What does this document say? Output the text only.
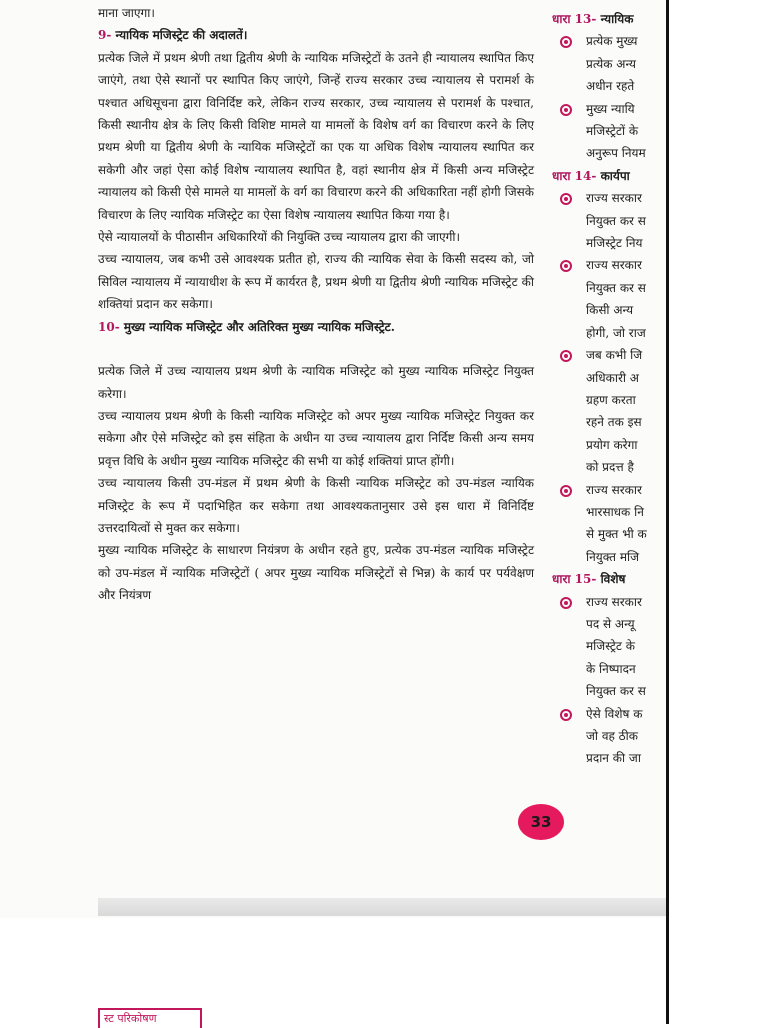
माना जाएगा।

9- न्यायिक मजिस्ट्रेट की अदालतें।

प्रत्येक जिले में प्रथम श्रेणी तथा द्वितीय श्रेणी के न्यायिक मजिस्ट्रेटों के उतने ही न्यायालय स्थापित किए जाएंगे, तथा ऐसे स्थानों पर स्थापित किए जाएंगे, जिन्हें राज्य सरकार उच्च न्यायालय से परामर्श के पश्चात अधिसूचना द्वारा विनिर्दिष्ट करे, लेकिन राज्य सरकार, उच्च न्यायालय से परामर्श के पश्चात, किसी स्थानीय क्षेत्र के लिए किसी विशिष्ट मामले या मामलों के विशेष वर्ग का विचारण करने के लिए प्रथम श्रेणी या द्वितीय श्रेणी के न्यायिक मजिस्ट्रेटों का एक या अधिक विशेष न्यायालय स्थापित कर सकेगी और जहां ऐसा कोई विशेष न्यायालय स्थापित है, वहां स्थानीय क्षेत्र में किसी अन्य मजिस्ट्रेट न्यायालय को किसी ऐसे मामले या मामलों के वर्ग का विचारण करने की अधिकारिता नहीं होगी जिसके विचारण के लिए न्यायिक मजिस्ट्रेट का ऐसा विशेष न्यायालय स्थापित किया गया है।

ऐसे न्यायालयों के पीठासीन अधिकारियों की नियुक्ति उच्च न्यायालय द्वारा की जाएगी।

उच्च न्यायालय, जब कभी उसे आवश्यक प्रतीत हो, राज्य की न्यायिक सेवा के किसी सदस्य को, जो सिविल न्यायालय में न्यायाधीश के रूप में कार्यरत है, प्रथम श्रेणी या द्वितीय श्रेणी न्यायिक मजिस्ट्रेट की शक्तियां प्रदान कर सकेगा।

10- मुख्य न्यायिक मजिस्ट्रेट और अतिरिक्त मुख्य न्यायिक मजिस्ट्रेट.

प्रत्येक जिले में उच्च न्यायालय प्रथम श्रेणी के न्यायिक मजिस्ट्रेट को मुख्य न्यायिक मजिस्ट्रेट नियुक्त करेगा।

उच्च न्यायालय प्रथम श्रेणी के किसी न्यायिक मजिस्ट्रेट को अपर मुख्य न्यायिक मजिस्ट्रेट नियुक्त कर सकेगा और ऐसे मजिस्ट्रेट को इस संहिता के अधीन या उच्च न्यायालय द्वारा निर्दिष्ट किसी अन्य समय प्रवृत्त विधि के अधीन मुख्य न्यायिक मजिस्ट्रेट की सभी या कोई शक्तियां प्राप्त होंगी।

उच्च न्यायालय किसी उप-मंडल में प्रथम श्रेणी के किसी न्यायिक मजिस्ट्रेट को उप-मंडल न्यायिक मजिस्ट्रेट के रूप में पदाभिहित कर सकेगा तथा आवश्यकतानुसार उसे इस धारा में विनिर्दिष्ट उत्तरदायित्वों से मुक्त कर सकेगा।

मुख्य न्यायिक मजिस्ट्रेट के साधारण नियंत्रण के अधीन रहते हुए, प्रत्येक उप-मंडल न्यायिक मजिस्ट्रेट को उप-मंडल में न्यायिक मजिस्ट्रेटों ( अपर मुख्य न्यायिक मजिस्ट्रेटों से भिन्न) के कार्य पर पर्यवेक्षण और नियंत्रण

धारा 13- न्यायिक
प्रत्येक मुख्य
प्रत्येक अन्य
अधीन रहते
मुख्य न्यायि
मजिस्ट्रेटों के
अनुरूप नियम
धारा 14- कार्यपा
राज्य सरकार
नियुक्त कर स
मजिस्ट्रेट निय
राज्य सरकार
नियुक्त कर स
किसी अन्य
होगी, जो राज
जब कभी जि
अधिकारी अ
ग्रहण करता
रहने तक इस
प्रयोग करेगा
को प्रदत्त है
राज्य सरकार
भारसाधक नि
से मुक्त भी क
नियुक्त मजि
धारा 15- विशेष
राज्य सरकार
पद से अन्यू
मजिस्ट्रेट के
के निष्पादन
नियुक्त कर स
ऐसे विशेष क
जो वह ठीक
प्रदान की जा
33
स्ट परिकोषण
